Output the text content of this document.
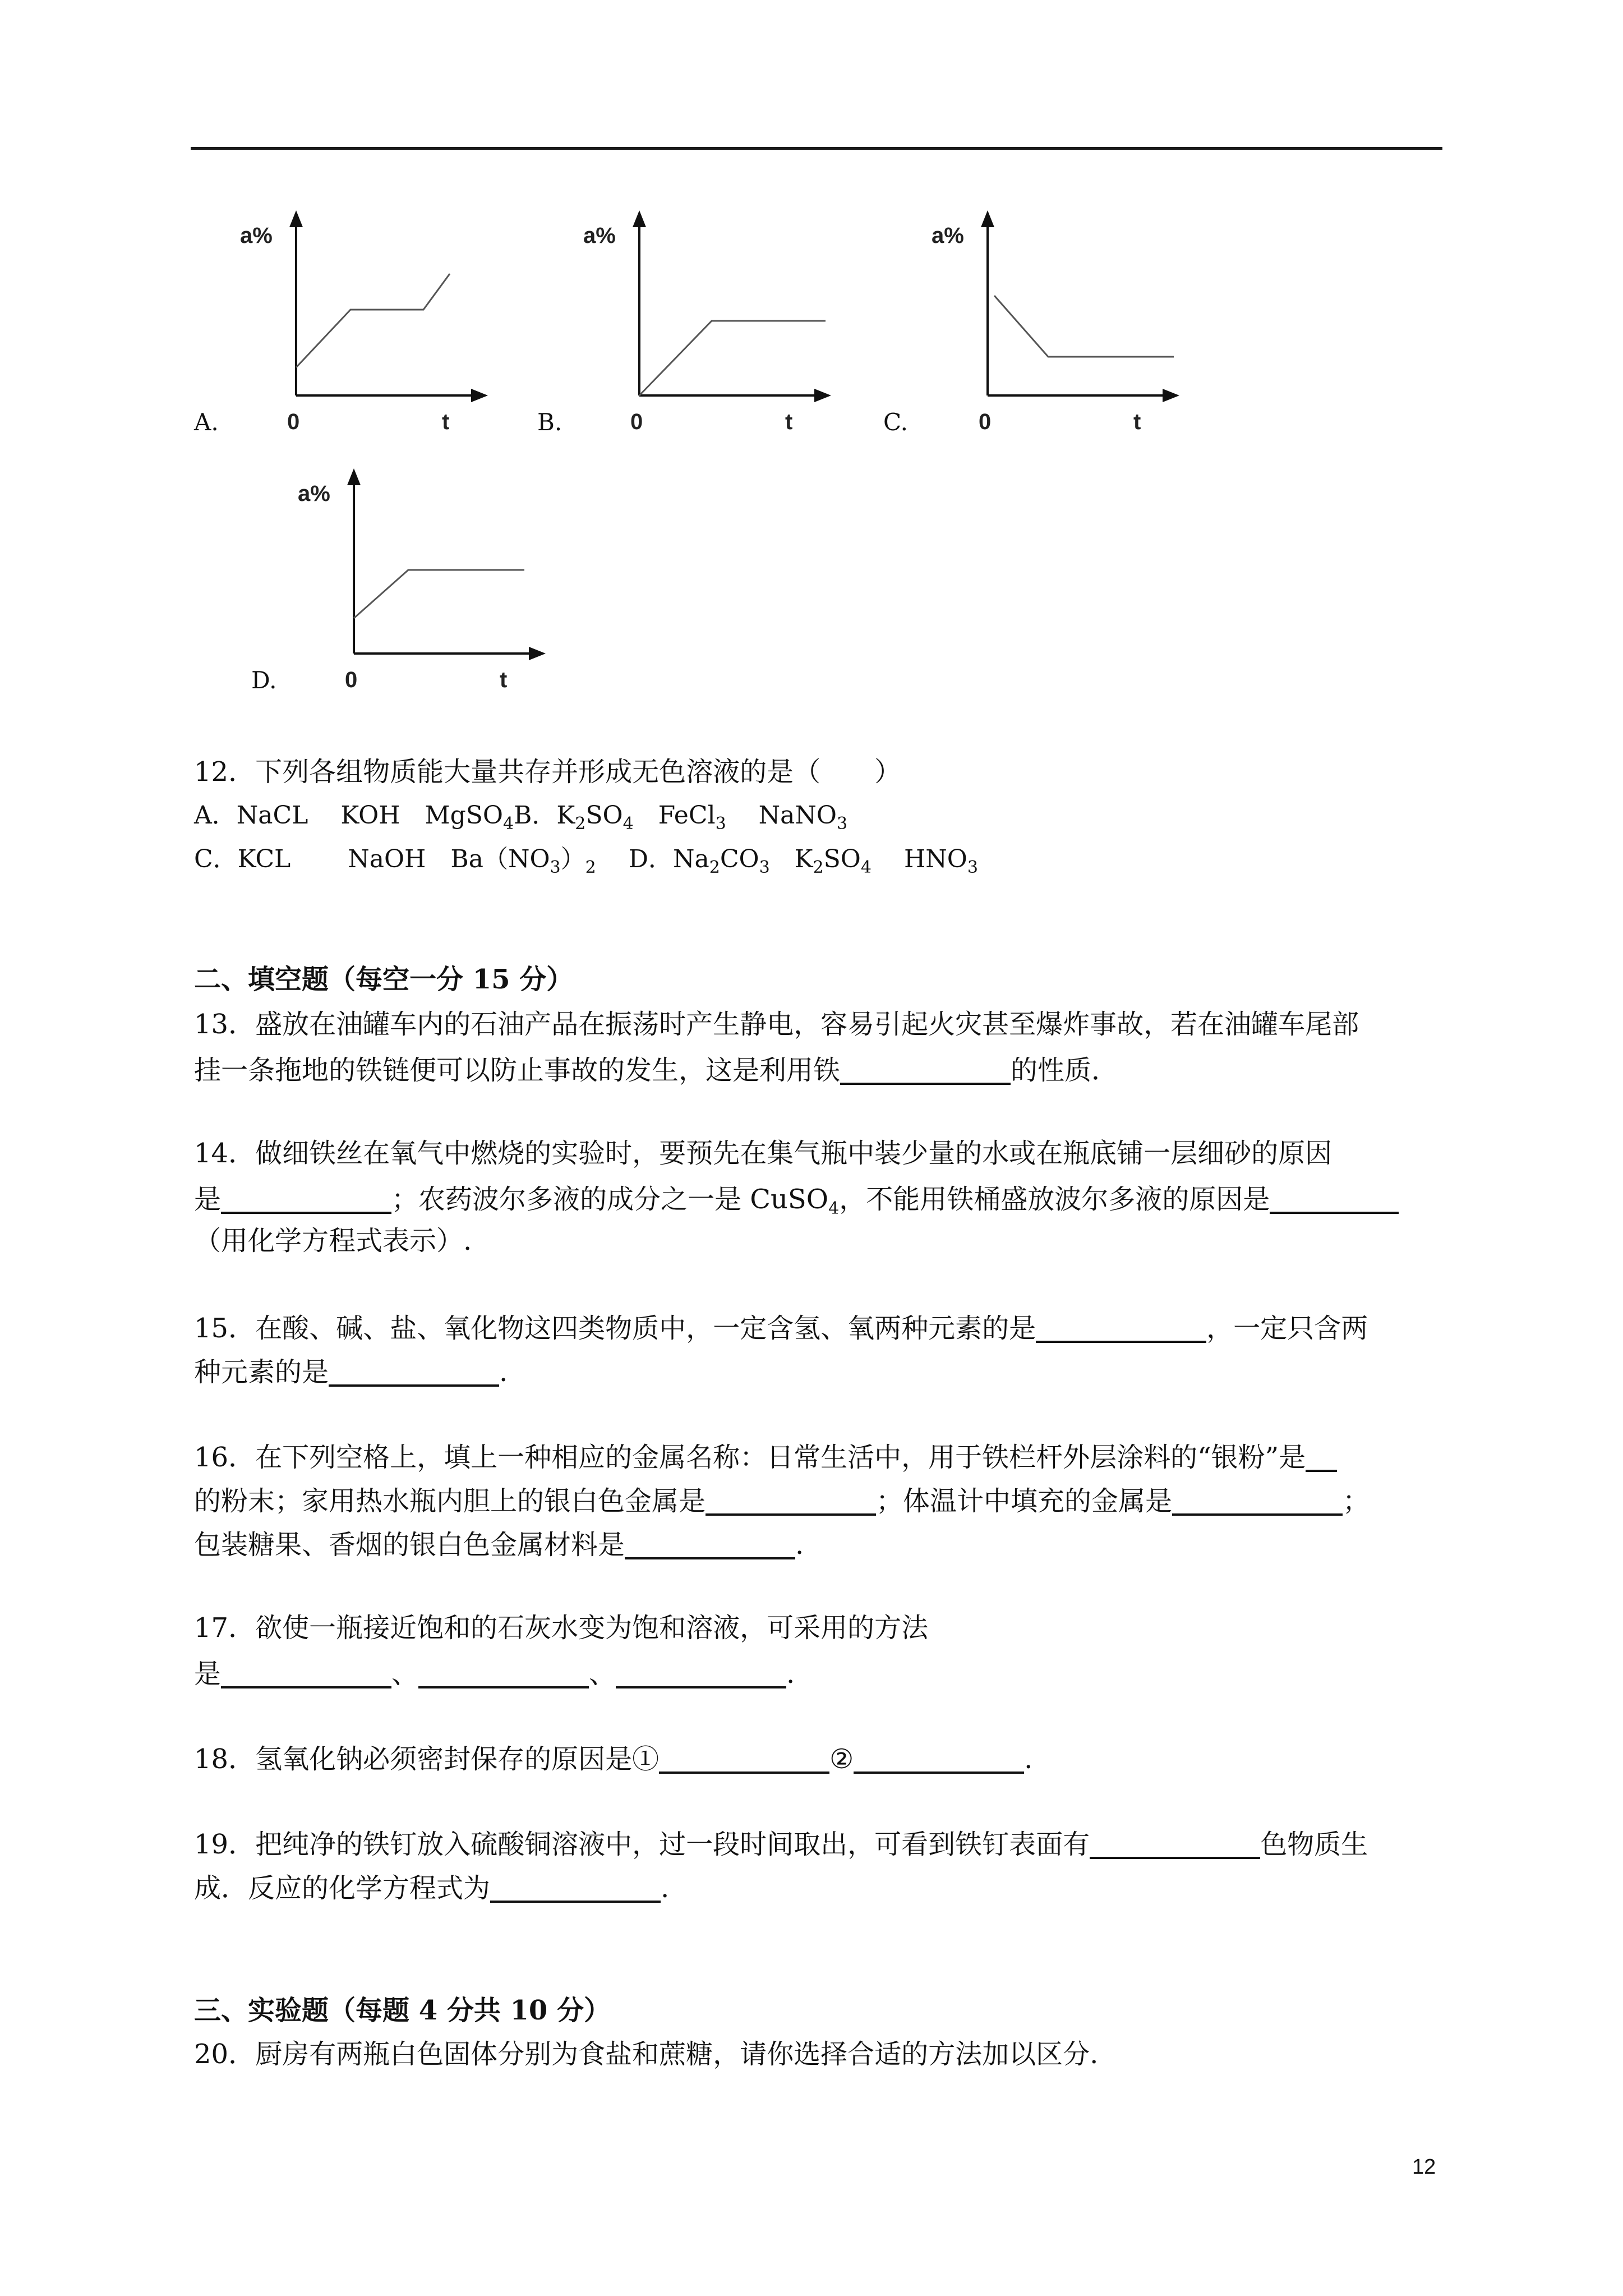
a%
0	t
A.
a%
0	t
B.
a%
0	t
C.
a%
0	t
D.
12．下列各组物质能大量共存并形成无色溶液的是（　　）
A．NaCL　 KOH　MgSO$_4$B．$K_2SO_4$　FeCl$_3$　 NaNO$_3$
C．KCL　　 NaOH　$Ba(NO_3)_2$　 D．$Na_2CO_3$　$K_2SO_4$　 $HNO_3$
二、填空题（每空一分 15 分）
13．盛放在油罐车内的石油产品在振荡时产生静电，容易引起火灾甚至爆炸事故，若在油罐车尾部
挂一条拖地的铁链便可以防止事故的发生，这是利用铁	的性质．
14．做细铁丝在氧气中燃烧的实验时，要预先在集气瓶中装少量的水或在瓶底铺一层细砂的原因
是	；农药波尔多液的成分之一是 CuSO$_4$，不能用铁桶盛放波尔多液的原因是
（用化学方程式表示）.
15．在酸、碱、盐、氧化物这四类物质中，一定含氢、氧两种元素的是	，一定只含两
种元素的是	.
16．在下列空格上，填上一种相应的金属名称：日常生活中，用于铁栏杆外层涂料的“银粉”是
的粉末；家用热水瓶内胆上的银白色金属是	；体温计中填充的金属是	；
包装糖果、香烟的银白色金属材料是	.
17．欲使一瓶接近饱和的石灰水变为饱和溶液，可采用的方法
是	、	、	.
18．氢氧化钠必须密封保存的原因是①	②	.
19．把纯净的铁钉放入硫酸铜溶液中，过一段时间取出，可看到铁钉表面有	色物质生
成．反应的化学方程式为	.
三、实验题（每题 4 分共 10 分）
20．厨房有两瓶白色固体分别为食盐和蔗糖，请你选择合适的方法加以区分.
12
